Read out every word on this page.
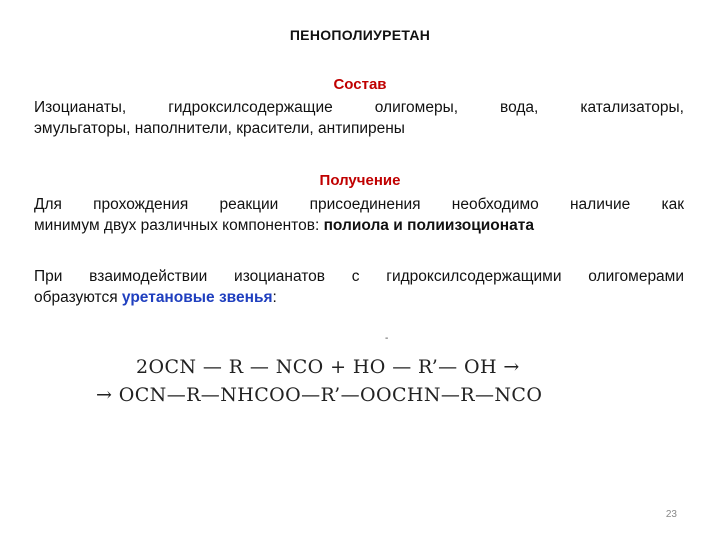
ПЕНОПОЛИУРЕТАН
Состав
Изоцианаты, гидроксилсодержащие олигомеры, вода, катализаторы,
эмульгаторы, наполнители, красители, антипирены
Получение
Для прохождения реакции присоединения необходимо наличие как
минимум двух различных компонентов: полиола и полиизоционата
При взаимодействии изоцианатов с гидроксилсодержащими олигомерами
образуются уретановые звенья:
-
2OCN — R — NCO + HO — R’— OH →
→ OCN—R—NHCOO—R’—OOCHN—R—NCO
23
